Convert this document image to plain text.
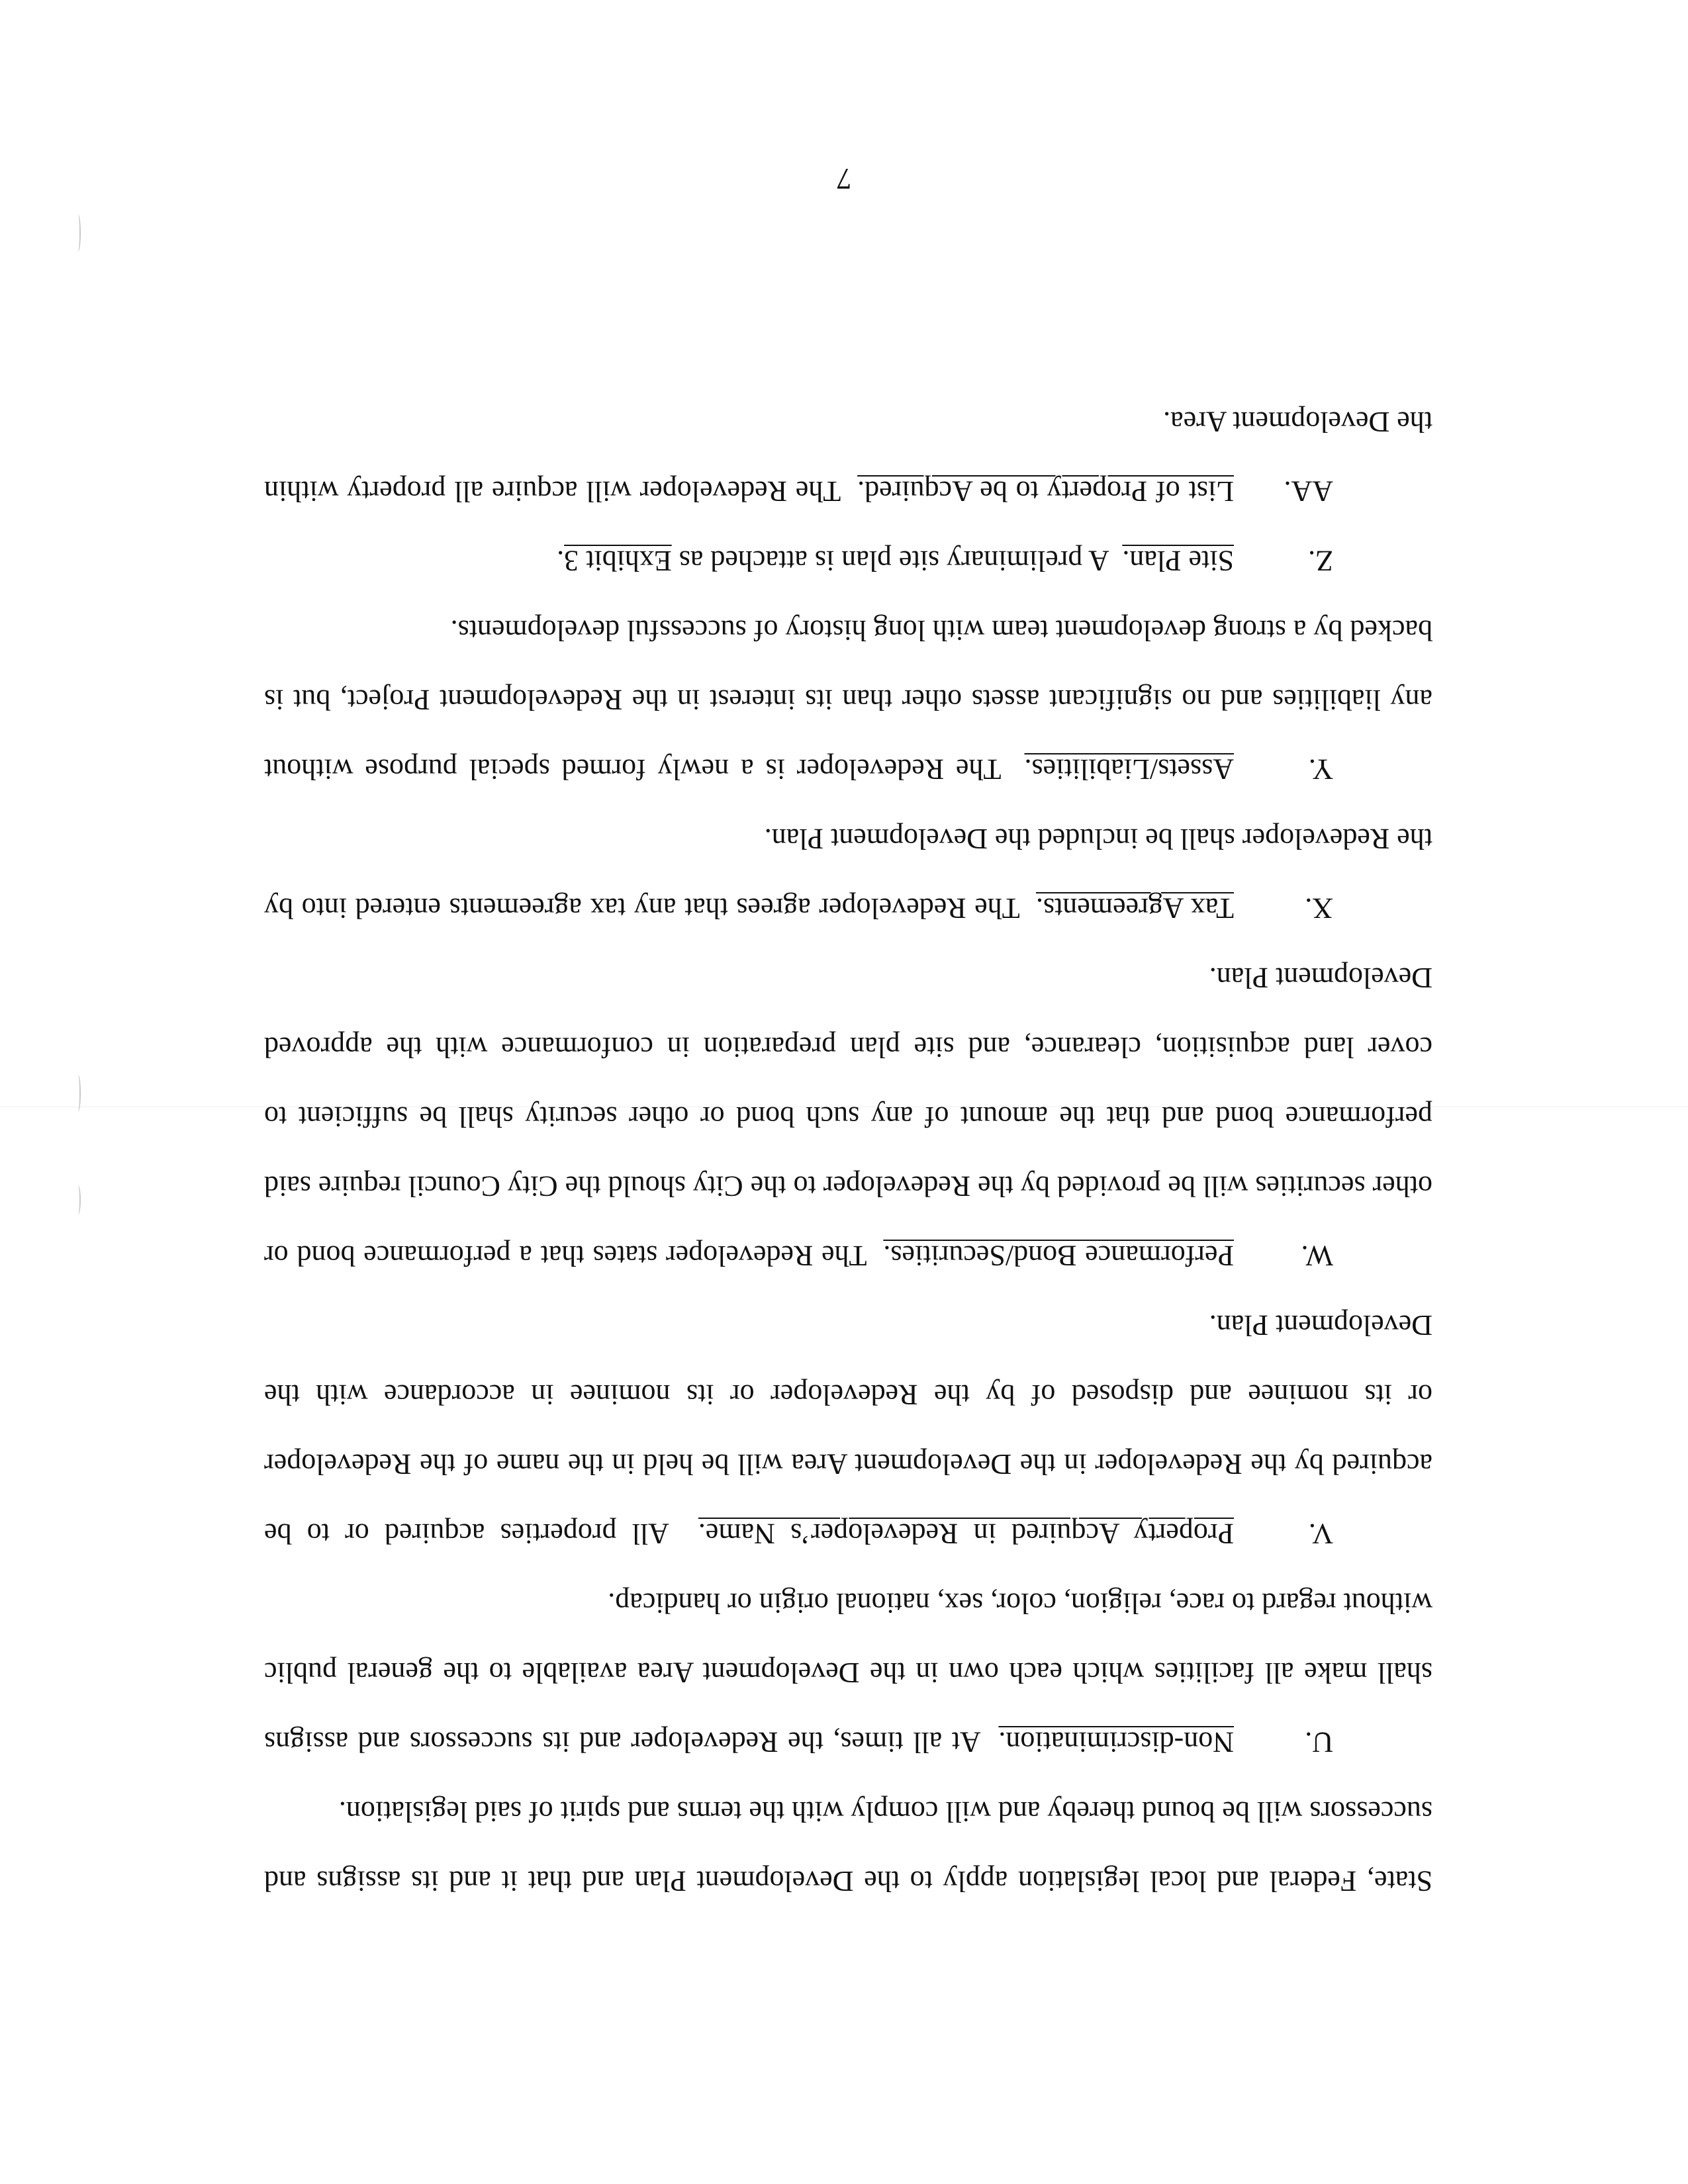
State, Federal and local legislation apply to the Development Plan and that it and its assigns and successors will be bound thereby and will comply with the terms and spirit of said legislation.

U.Non-discrimination.  At all times, the Redeveloper and its successors and assigns shall make all facilities which each own in the Development Area available to the general public without regard to race, religion, color, sex, national origin or handicap.

V.Property Acquired in Redeveloper’s Name.  All properties acquired or to be acquired by the Redeveloper in the Development Area will be held in the name of the Redeveloper or its nominee and disposed of by the Redeveloper or its nominee in accordance with the Development Plan.

W.Performance Bond/Securities.  The Redeveloper states that a performance bond or other securities will be provided by the Redeveloper to the City should the City Council require said performance bond and that the amount of any such bond or other security shall be sufficient to cover land acquisition, clearance, and site plan preparation in conformance with the approved Development Plan.

X.Tax Agreements.  The Redeveloper agrees that any tax agreements entered into by the Redeveloper shall be included the Development Plan.

Y.Assets/Liabilities.  The Redeveloper is a newly formed special purpose without any liabilities and no significant assets other than its interest in the Redevelopment Project, but is backed by a strong development team with long history of successful developments.

Z.Site Plan.  A preliminary site plan is attached as Exhibit 3.

AA.List of Property to be Acquired.  The Redeveloper will acquire all property within the Development Area.

7
